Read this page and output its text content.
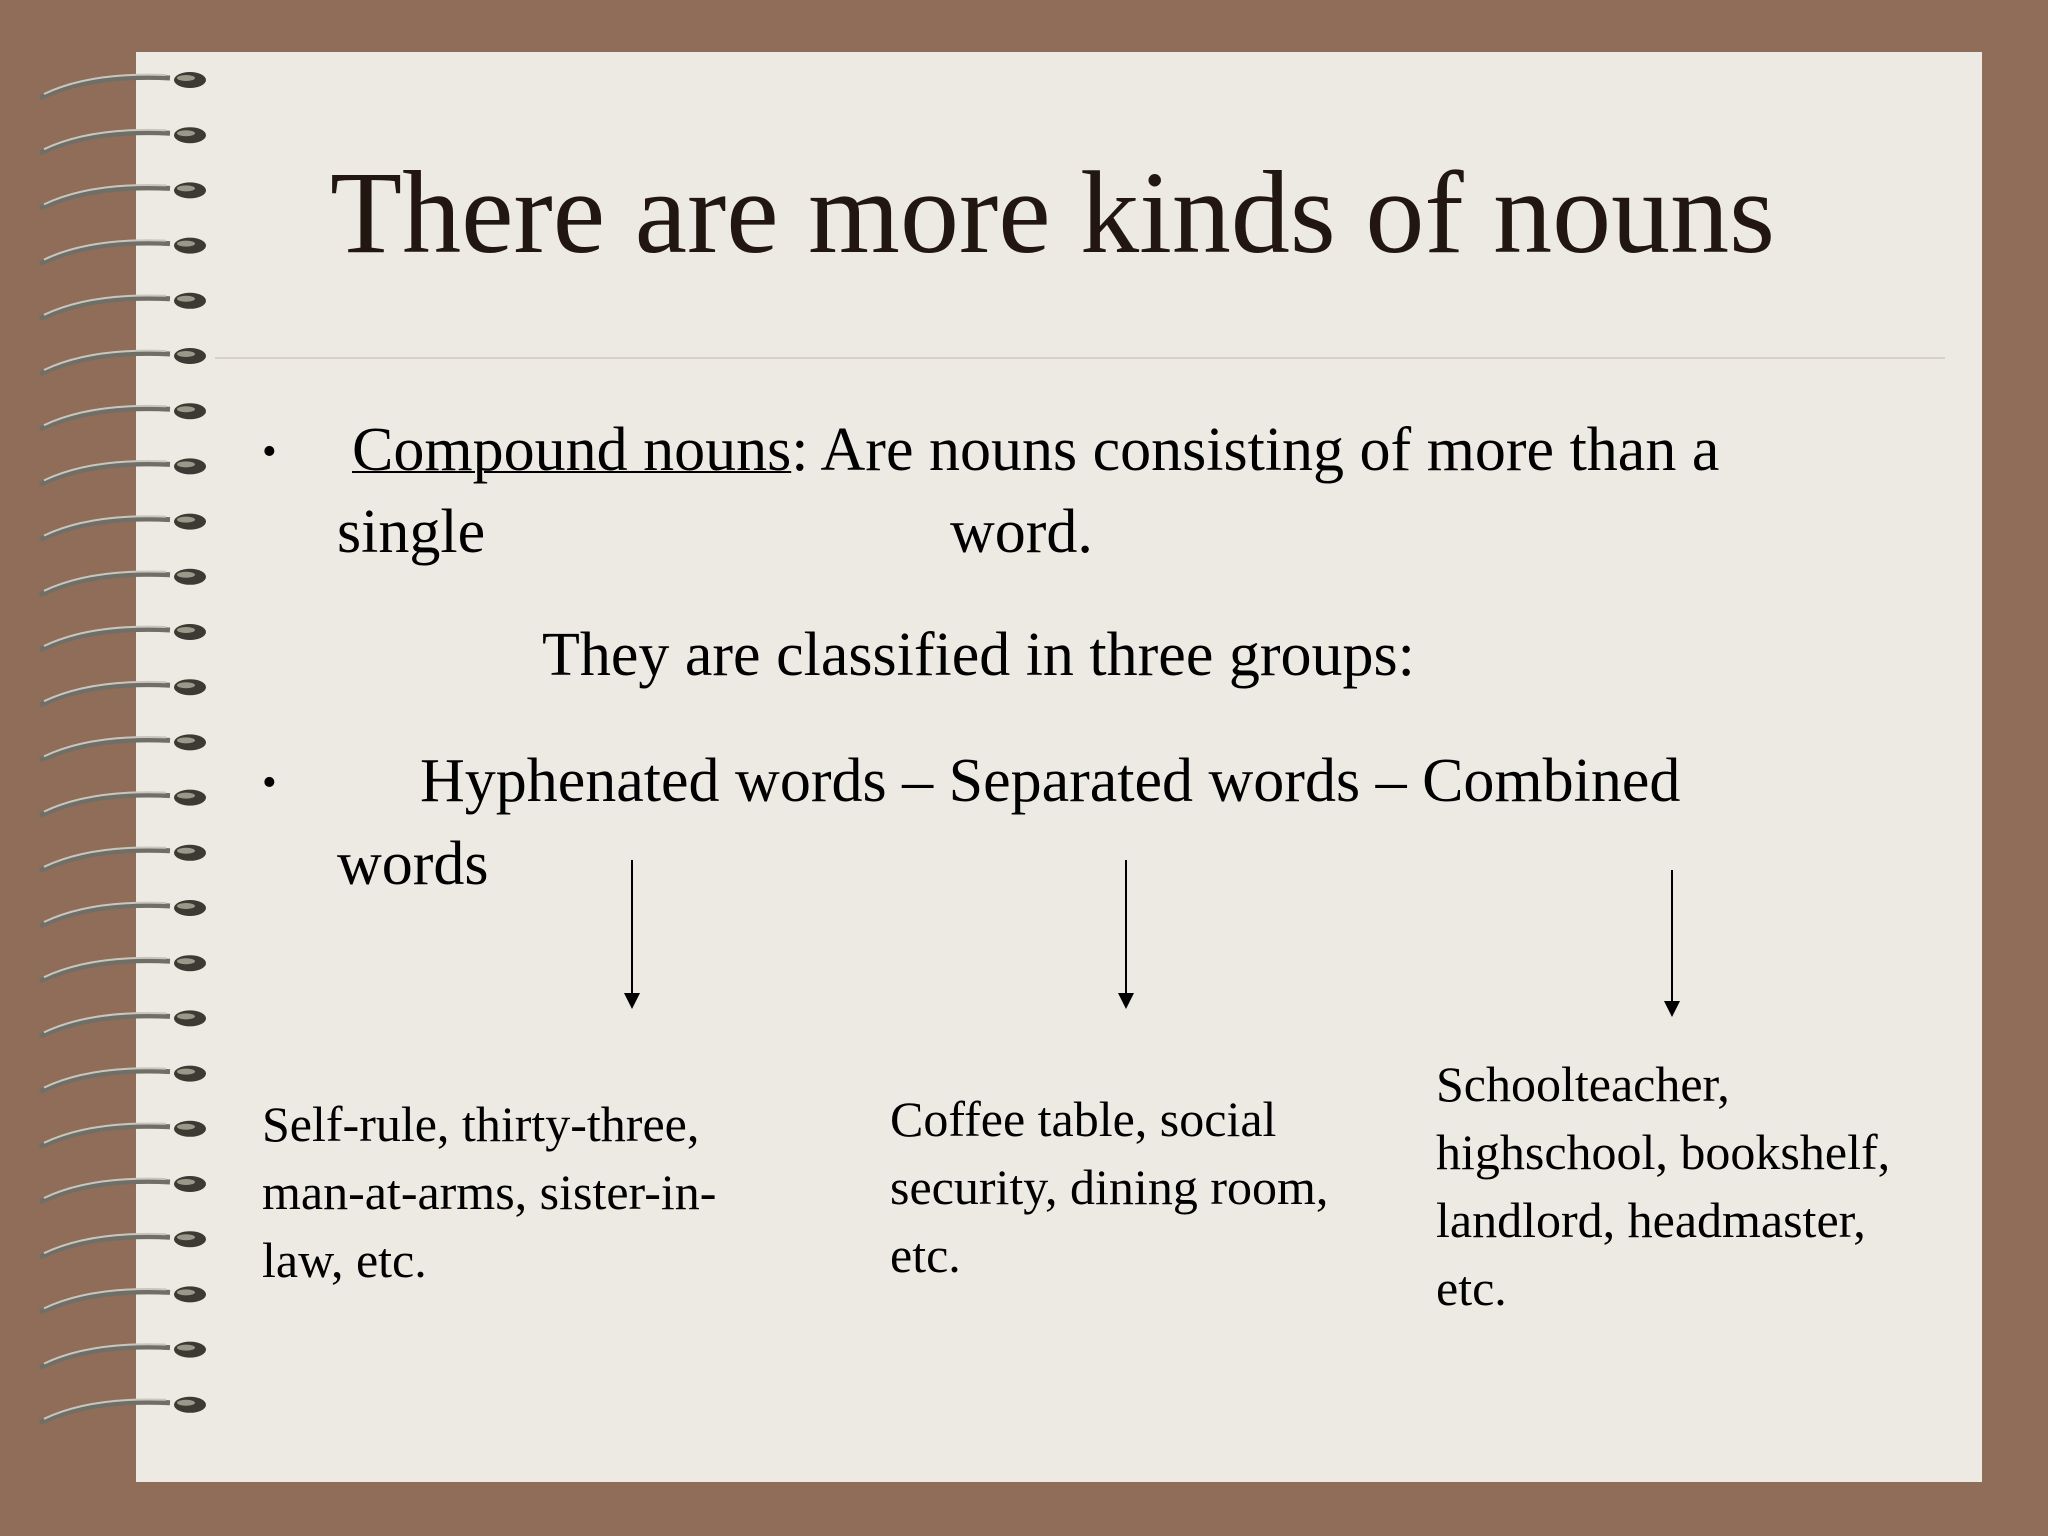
There are more kinds of nouns
• Compound nouns: Are nouns consisting of more than a
single	word.
They are classified in three groups:
• Hyphenated words – Separated words – Combined
words
Self-rule, thirty-three,
man-at-arms, sister-in-
law, etc.
Coffee table, social
security, dining room,
etc.
Schoolteacher,
highschool, bookshelf,
landlord, headmaster,
etc.
